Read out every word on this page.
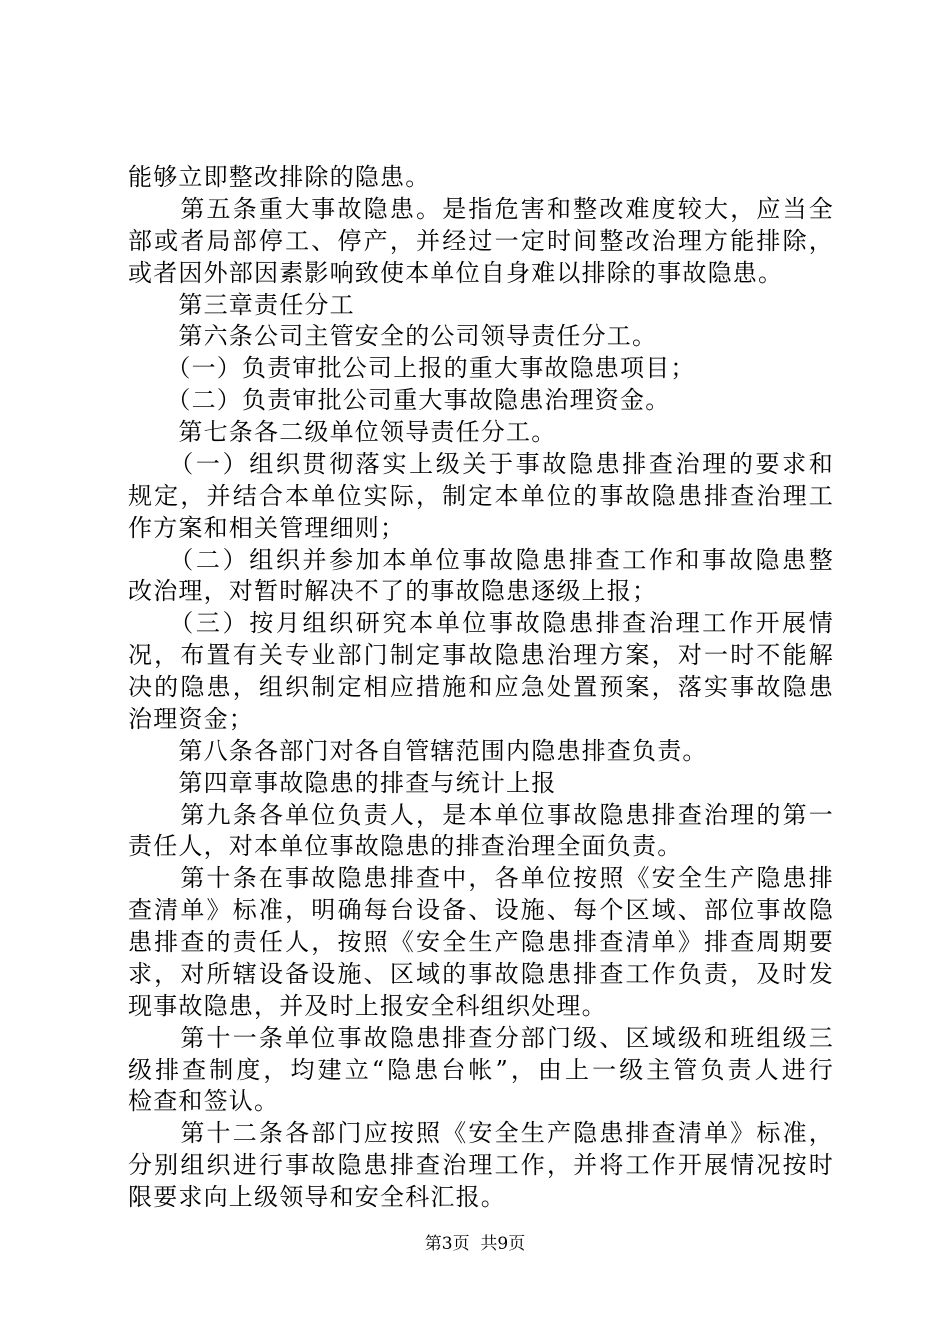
能够立即整改排除的隐患。
　　第五条重大事故隐患。是指危害和整改难度较大，应当全
部或者局部停工、停产，并经过一定时间整改治理方能排除，
或者因外部因素影响致使本单位自身难以排除的事故隐患。
　　第三章责任分工
　　第六条公司主管安全的公司领导责任分工。
　　（一）负责审批公司上报的重大事故隐患项目；
　　（二）负责审批公司重大事故隐患治理资金。
　　第七条各二级单位领导责任分工。
　　（一）组织贯彻落实上级关于事故隐患排查治理的要求和
规定，并结合本单位实际，制定本单位的事故隐患排查治理工
作方案和相关管理细则；
　　（二）组织并参加本单位事故隐患排查工作和事故隐患整
改治理，对暂时解决不了的事故隐患逐级上报；
　　（三）按月组织研究本单位事故隐患排查治理工作开展情
况，布置有关专业部门制定事故隐患治理方案，对一时不能解
决的隐患，组织制定相应措施和应急处置预案，落实事故隐患
治理资金；
　　第八条各部门对各自管辖范围内隐患排查负责。
　　第四章事故隐患的排查与统计上报
　　第九条各单位负责人，是本单位事故隐患排查治理的第一
责任人，对本单位事故隐患的排查治理全面负责。
　　第十条在事故隐患排查中，各单位按照《安全生产隐患排
查清单》标准，明确每台设备、设施、每个区域、部位事故隐
患排查的责任人，按照《安全生产隐患排查清单》排查周期要
求，对所辖设备设施、区域的事故隐患排查工作负责，及时发
现事故隐患，并及时上报安全科组织处理。
　　第十一条单位事故隐患排查分部门级、区域级和班组级三
级排查制度，均建立“隐患台帐”，由上一级主管负责人进行
检查和签认。
　　第十二条各部门应按照《安全生产隐患排查清单》标准，
分别组织进行事故隐患排查治理工作，并将工作开展情况按时
限要求向上级领导和安全科汇报。
第3页  共9页
